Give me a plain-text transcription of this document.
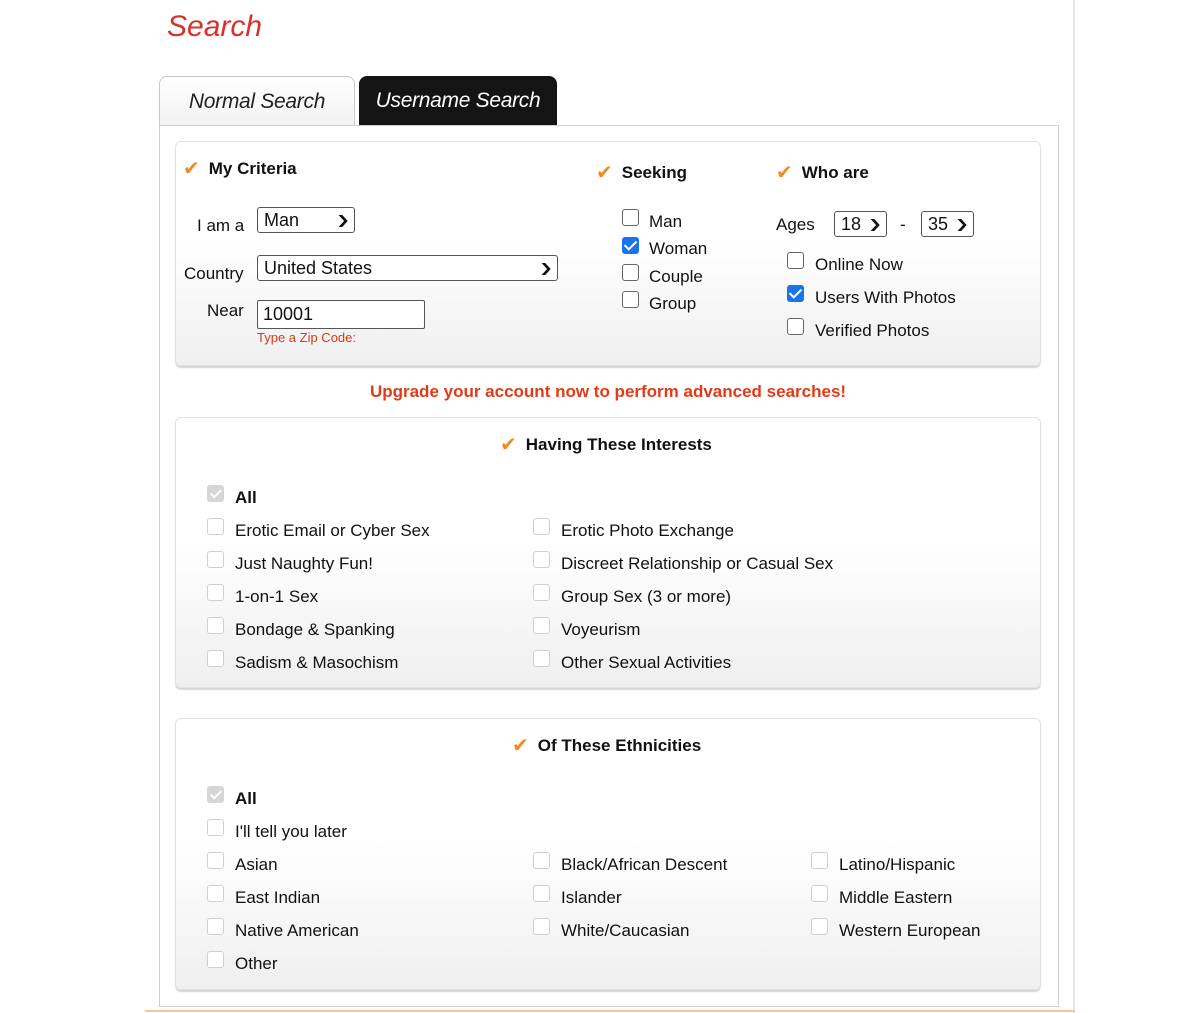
Search
Normal Search	Username Search
✔ My Criteria
I am a Man	❯
Country United States	❯
Near	10001
Type a Zip Code:
✔ Seeking
Man
Woman
Couple
Group
✔ Who are
Ages 18 ❯ - 35 ❯
Online Now
Users With Photos
Verified Photos
Upgrade your account now to perform advanced searches!
✔ Having These Interests
All
Erotic Email or Cyber Sex	Erotic Photo Exchange
Just Naughty Fun!	Discreet Relationship or Casual Sex
1-on-1 Sex	Group Sex (3 or more)
Bondage & Spanking	Voyeurism
Sadism & Masochism	Other Sexual Activities
✔ Of These Ethnicities
All
I'll tell you later
Asian	Black/African Descent	Latino/Hispanic
East Indian	Islander	Middle Eastern
Native American	White/Caucasian	Western European
Other
